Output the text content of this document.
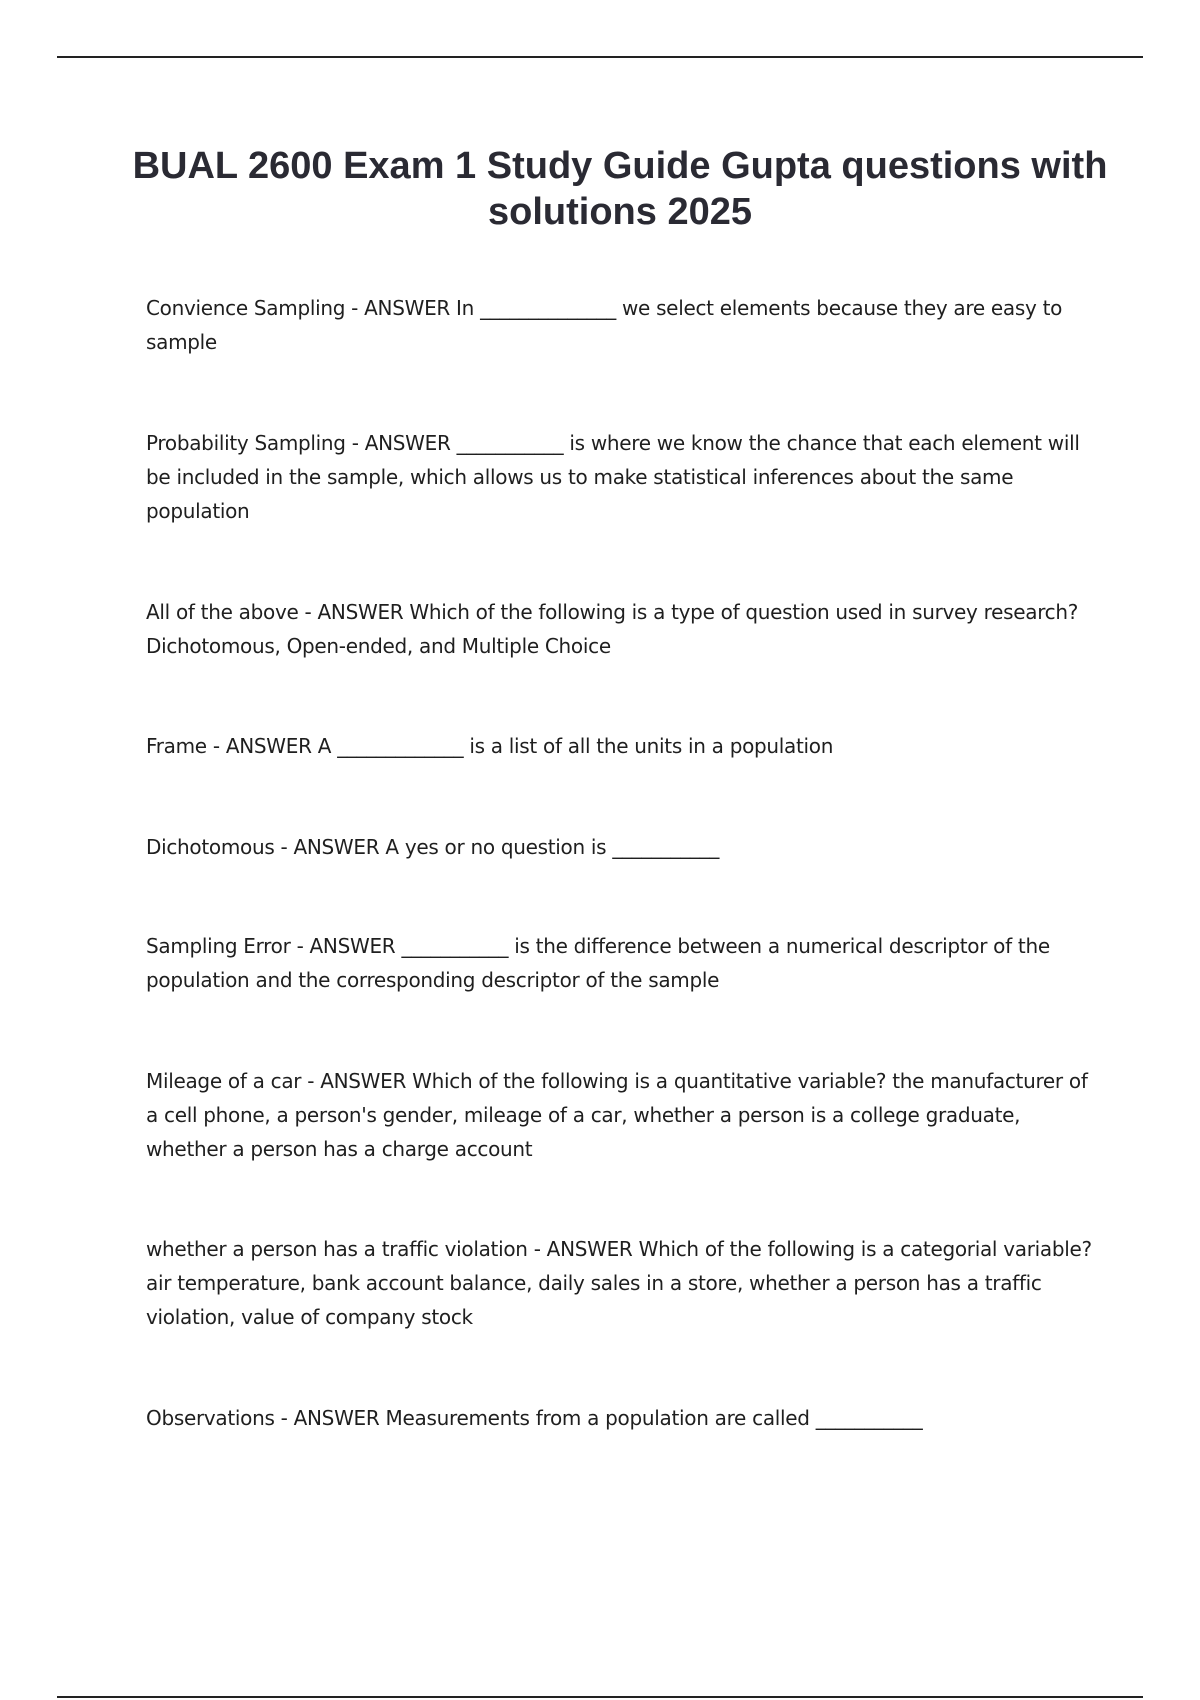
BUAL 2600 Exam 1 Study Guide Gupta questions with solutions 2025

Convience Sampling - ANSWER In ______________ we select elements because they are easy to sample

Probability Sampling - ANSWER ___________ is where we know the chance that each element will be included in the sample, which allows us to make statistical inferences about the same population

All of the above - ANSWER Which of the following is a type of question used in survey research? Dichotomous, Open-ended, and Multiple Choice

Frame - ANSWER A _____________ is a list of all the units in a population

Dichotomous - ANSWER A yes or no question is ___________

Sampling Error - ANSWER ___________ is the difference between a numerical descriptor of the population and the corresponding descriptor of the sample

Mileage of a car - ANSWER Which of the following is a quantitative variable? the manufacturer of a cell phone, a person's gender, mileage of a car, whether a person is a college graduate, whether a person has a charge account

whether a person has a traffic violation - ANSWER Which of the following is a categorial variable? air temperature, bank account balance, daily sales in a store, whether a person has a traffic violation, value of company stock

Observations - ANSWER Measurements from a population are called ___________
